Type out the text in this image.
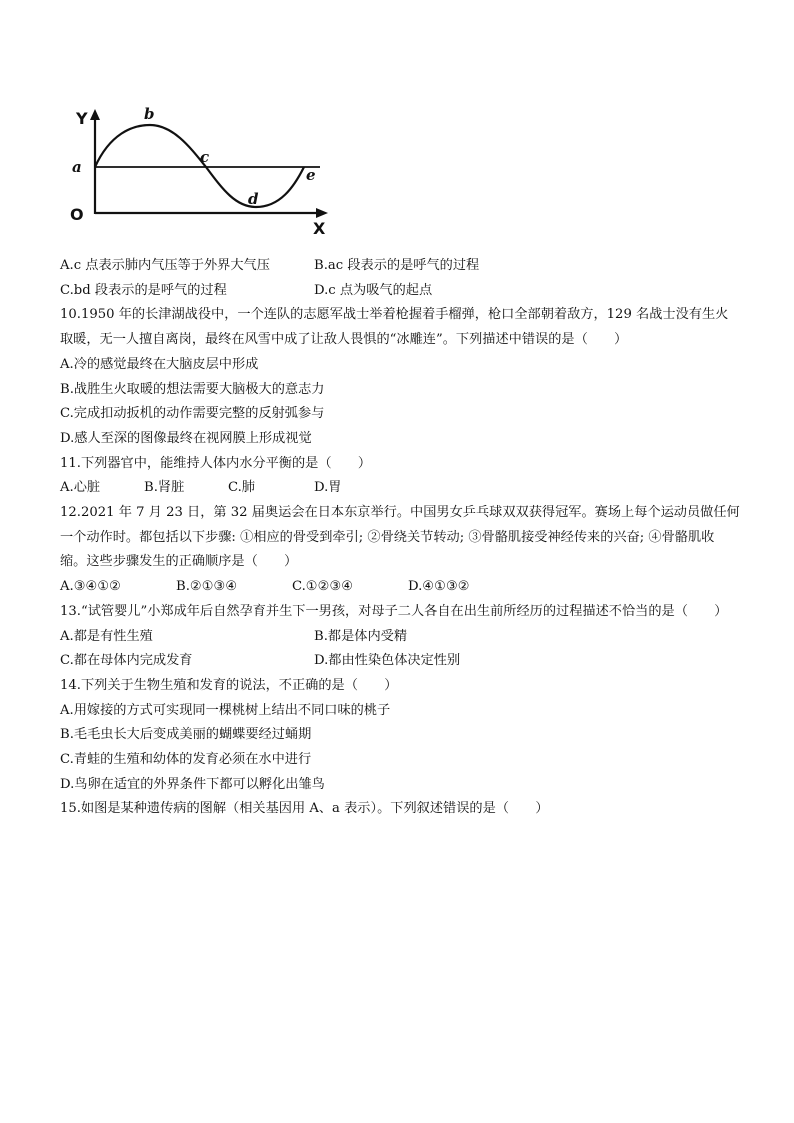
Y
a
b
c
d
e
O
X
A.c 点表示肺内气压等于外界大气压	B.ac 段表示的是呼气的过程
C.bd 段表示的是呼气的过程	D.c 点为吸气的起点
10.1950 年的长津湖战役中，一个连队的志愿军战士举着枪握着手榴弹，枪口全部朝着敌方，129 名战士没有生火取暖，无一人擅自离岗，最终在风雪中成了让敌人畏惧的“冰雕连”。下列描述中错误的是（　　）
A.冷的感觉最终在大脑皮层中形成
B.战胜生火取暖的想法需要大脑极大的意志力
C.完成扣动扳机的动作需要完整的反射弧参与
D.感人至深的图像最终在视网膜上形成视觉
11.下列器官中，能维持人体内水分平衡的是（　　）
A.心脏	B.肾脏	C.肺	D.胃
12.2021 年 7 月 23 日，第 32 届奥运会在日本东京举行。中国男女乒乓球双双获得冠军。赛场上每个运动员做任何一个动作时。都包括以下步骤: ①相应的骨受到牵引; ②骨绕关节转动; ③骨骼肌接受神经传来的兴奋; ④骨骼肌收缩。这些步骤发生的正确顺序是（　　）
A.③④①②	B.②①③④	C.①②③④	D.④①③②
13.“试管婴儿”小郑成年后自然孕育并生下一男孩，对母子二人各自在出生前所经历的过程描述不恰当的是（　　）
A.都是有性生殖	B.都是体内受精
C.都在母体内完成发育	D.都由性染色体决定性别
14.下列关于生物生殖和发育的说法，不正确的是（　　）
A.用嫁接的方式可实现同一棵桃树上结出不同口味的桃子
B.毛毛虫长大后变成美丽的蝴蝶要经过蛹期
C.青蛙的生殖和幼体的发育必须在水中进行
D.鸟卵在适宜的外界条件下都可以孵化出雏鸟
15.如图是某种遗传病的图解（相关基因用 A、a 表示）。下列叙述错误的是（　　）
